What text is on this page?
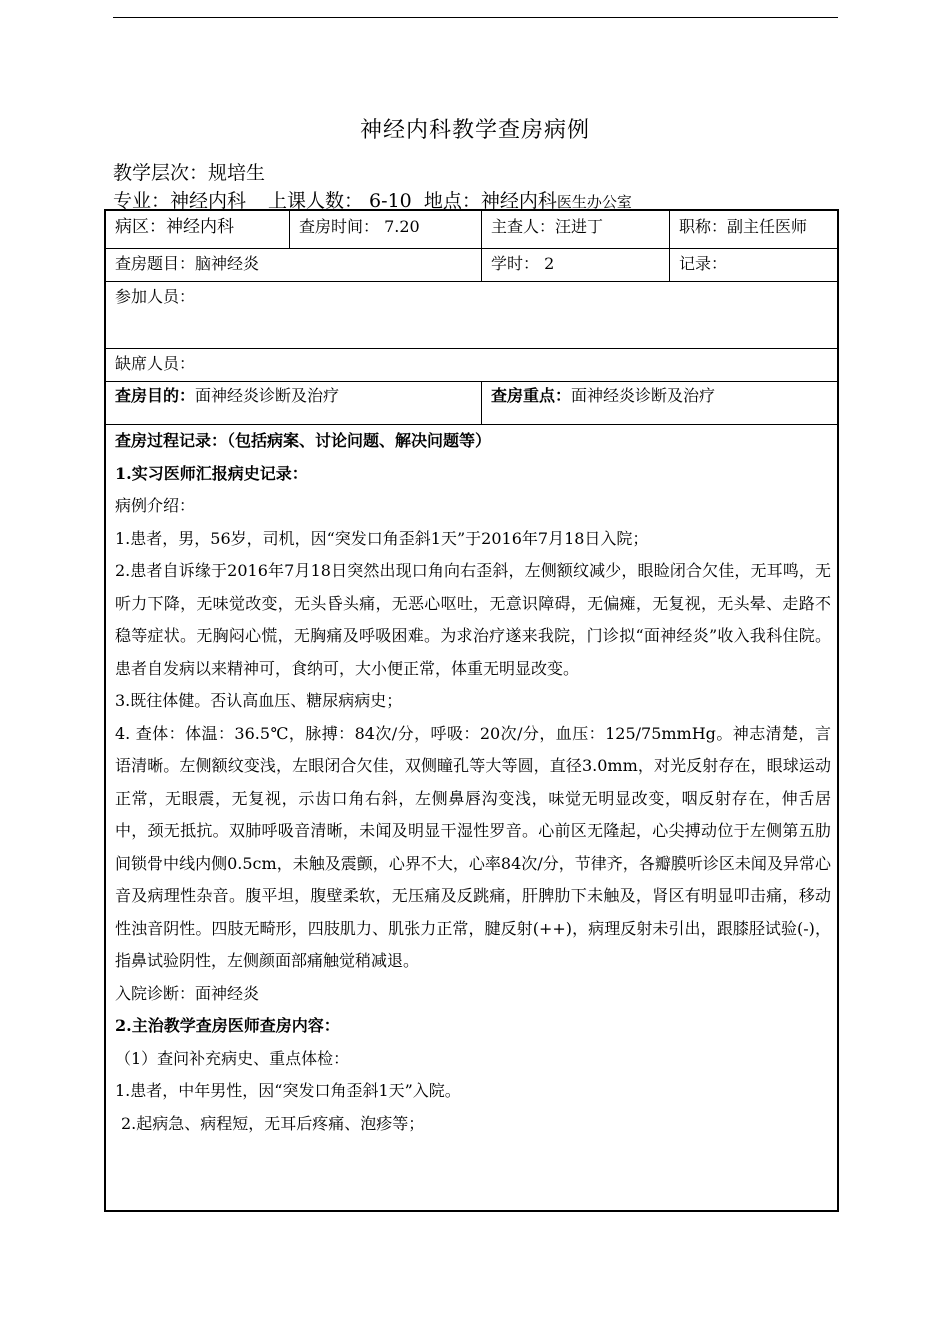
神经内科教学查房病例
教学层次：规培生
专业：神经内科 上课人数： 6-10 地点：神经内科医生办公室
病区：神经内科	查房时间： 7.20	主查人：汪进丁	职称：副主任医师
查房题目：脑神经炎	学时： 2	记录：
参加人员：
缺席人员：
查房目的：面神经炎诊断及治疗	查房重点：面神经炎诊断及治疗

查房过程记录：（包括病案、讨论问题、解决问题等）

1.实习医师汇报病史记录：

病例介绍：

1.患者，男，56岁，司机，因“突发口角歪斜1天”于2016年7月18日入院；

2.患者自诉缘于2016年7月18日突然出现口角向右歪斜，左侧额纹减少，眼睑闭合欠佳，无耳鸣，无听力下降，无味觉改变，无头昏头痛，无恶心呕吐，无意识障碍，无偏瘫，无复视，无头晕、走路不稳等症状。无胸闷心慌，无胸痛及呼吸困难。为求治疗遂来我院，门诊拟“面神经炎”收入我科住院。患者自发病以来精神可，食纳可，大小便正常，体重无明显改变。

3.既往体健。否认高血压、糖尿病病史；

4. 查体：体温：36.5℃，脉搏：84次/分，呼吸：20次/分，血压：125/75mmHg。神志清楚，言语清晰。左侧额纹变浅，左眼闭合欠佳，双侧瞳孔等大等圆，直径3.0mm，对光反射存在，眼球运动正常，无眼震，无复视，示齿口角右斜，左侧鼻唇沟变浅，味觉无明显改变，咽反射存在，伸舌居中，颈无抵抗。双肺呼吸音清晰，未闻及明显干湿性罗音。心前区无隆起，心尖搏动位于左侧第五肋间锁骨中线内侧0.5cm，未触及震颤，心界不大，心率84次/分，节律齐，各瓣膜听诊区未闻及异常心音及病理性杂音。腹平坦，腹壁柔软，无压痛及反跳痛，肝脾肋下未触及，肾区有明显叩击痛，移动性浊音阴性。四肢无畸形，四肢肌力、肌张力正常，腱反射(++)，病理反射未引出，跟膝胫试验(-)，指鼻试验阴性，左侧颜面部痛触觉稍减退。

入院诊断：面神经炎

2.主治教学查房医师查房内容：

（1）查问补充病史、重点体检：

1.患者，中年男性，因“突发口角歪斜1天”入院。

2.起病急、病程短，无耳后疼痛、泡疹等；
